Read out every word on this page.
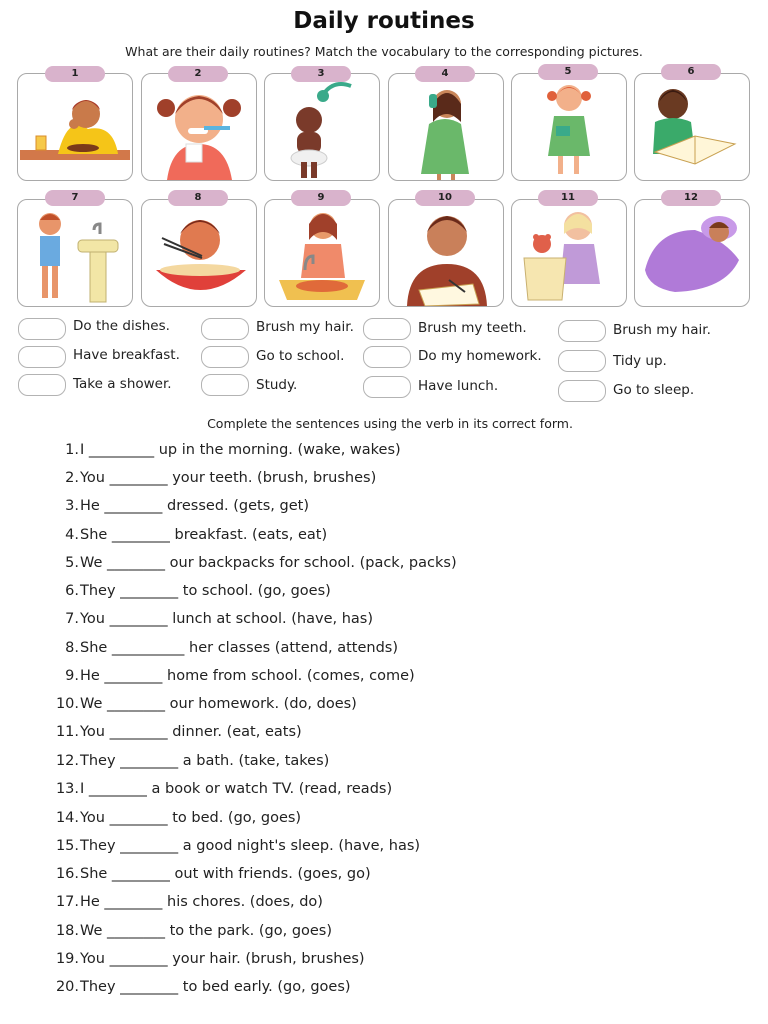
Daily routines
What are their daily routines? Match the vocabulary to the corresponding pictures.
1	2	3	4	5	6
7	8	9	10	11	12
Do the dishes.
Have breakfast.
Take a shower.
Brush my hair.
Go to school.
Study.
Brush my teeth.
Do my homework.
Have lunch.
Brush my hair.
Tidy up.
Go to sleep.
Complete the sentences using the verb in its correct form.
1. I _________ up in the morning. (wake, wakes)
2. You ________ your teeth. (brush, brushes)
3. He ________ dressed. (gets, get)
4. She ________ breakfast. (eats, eat)
5. We ________ our backpacks for school. (pack, packs)
6. They ________ to school. (go, goes)
7. You ________ lunch at school. (have, has)
8. She __________ her classes (attend, attends)
9. He ________ home from school. (comes, come)
10. We ________ our homework. (do, does)
11. You ________ dinner. (eat, eats)
12. They ________ a bath. (take, takes)
13. I ________ a book or watch TV. (read, reads)
14. You ________ to bed. (go, goes)
15. They ________ a good night's sleep. (have, has)
16. She ________ out with friends. (goes, go)
17. He ________ his chores. (does, do)
18. We ________ to the park. (go, goes)
19. You ________ your hair. (brush, brushes)
20. They ________ to bed early. (go, goes)
